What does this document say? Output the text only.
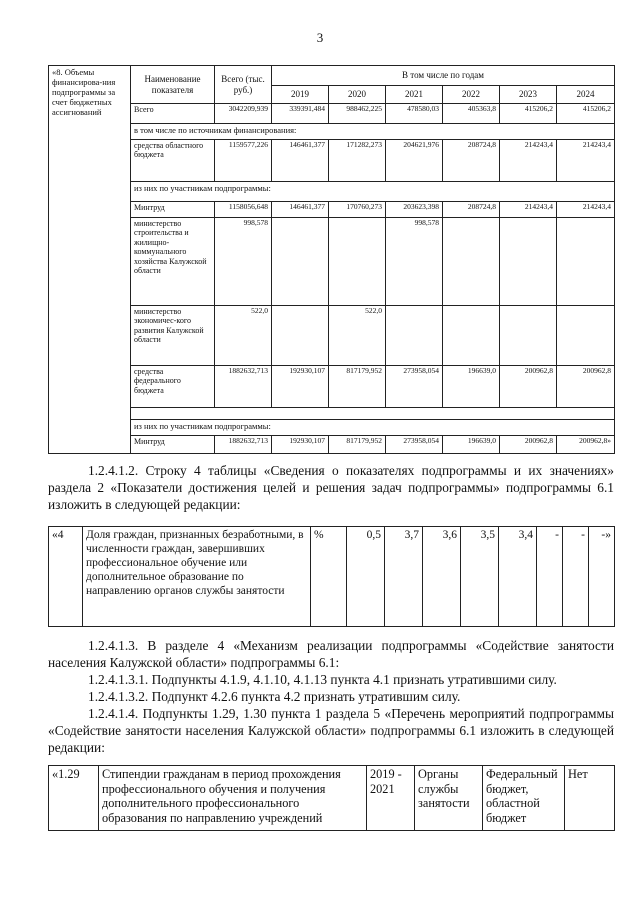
3
«8. Объемы финансирова-ния подпрограммы за счет бюджетных ассигнований	Наименование показателя	Всего (тыс. руб.)	В том числе по годам					
			2019	2020	2021	2022	2023	2024
	Всего	3042209,939	339391,484	988462,225	478580,03	405363,8	415206,2	415206,2
	в том числе по источникам финансирования:							
	средства областного бюджета	1159577,226	146461,377	171282,273	204621,976	208724,8	214243,4	214243,4
	из них по участникам подпрограммы:							
	Минтруд	1158056,648	146461,377	170760,273	203623,398	208724,8	214243,4	214243,4
	министерство строительства и жилищно-коммунального хозяйства Калужской области	998,578			998,578			
	министерство экономичес-кого развития Калужской области	522,0		522,0				
	средства федерального бюджета	1882632,713	192930,107	817179,952	273958,054	196639,0	200962,8	200962,8

	из них по участникам подпрограммы:							
	Минтруд	1882632,713	192930,107	817179,952	273958,054	196639,0	200962,8	200962,8»
1.2.4.1.2. Строку 4 таблицы «Сведения о показателях подпрограммы и их значениях» раздела 2 «Показатели достижения целей и решения задач подпрограммы» подпрограммы 6.1 изложить в следующей редакции:
«4	Доля граждан, признанных безработными, в численности граждан, завершивших профессиональное обучение или дополнительное образование по направлению органов службы занятости	%	0,5	3,7	3,6	3,5	3,4	-	-	-»
1.2.4.1.3. В разделе 4 «Механизм реализации подпрограммы «Содействие занятости населения Калужской области» подпрограммы 6.1:
1.2.4.1.3.1. Подпункты 4.1.9, 4.1.10, 4.1.13 пункта 4.1 признать утратившими силу.
1.2.4.1.3.2. Подпункт 4.2.6 пункта 4.2 признать утратившим силу.
1.2.4.1.4. Подпункты 1.29, 1.30 пункта 1 раздела 5 «Перечень мероприятий подпрограммы «Содействие занятости населения Калужской области» подпрограммы 6.1 изложить в следующей редакции:
«1.29	Стипендии гражданам в период прохождения профессионального обучения и получения дополнительного профессионального образования по направлению учреждений	2019 - 2021	Органы службы занятости	Федеральный бюджет, областной бюджет	Нет
